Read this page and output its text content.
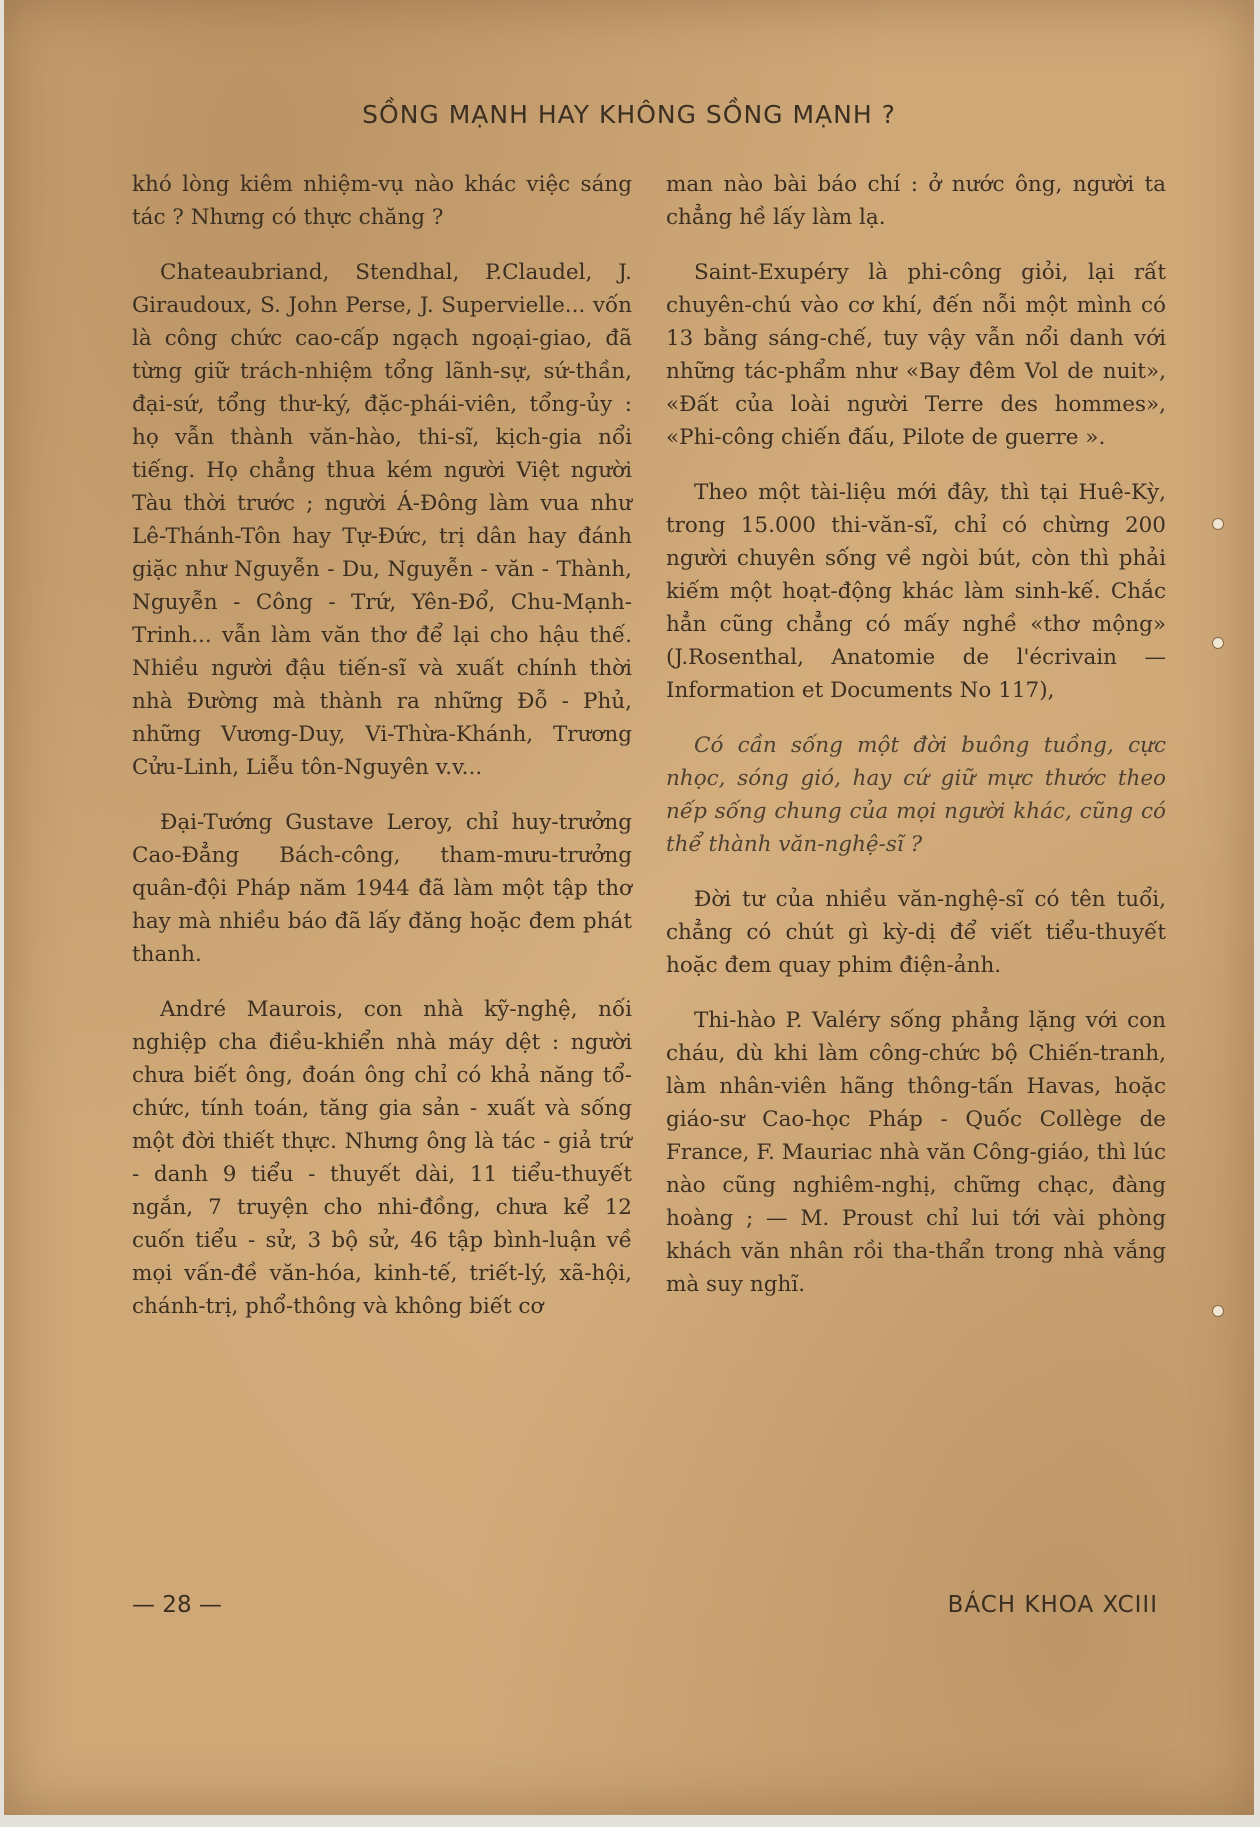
SỒNG MẠNH HAY KHÔNG SỒNG MẠNH ?

khó lòng kiêm nhiệm-vụ nào khác việc sáng tác ? Nhưng có thực chăng ?

Chateaubriand, Stendhal, P.Claudel, J. Giraudoux, S. John Perse, J. Supervielle... vốn là công chức cao-cấp ngạch ngoại-giao, đã từng giữ trách-nhiệm tổng lãnh-sự, sứ-thần, đại-sứ, tổng thư-ký, đặc-phái-viên, tổng-ủy : họ vẫn thành văn-hào, thi-sĩ, kịch-gia nổi tiếng. Họ chẳng thua kém người Việt người Tàu thời trước ; người Á-Đông làm vua như Lê-Thánh-Tôn hay Tự-Đức, trị dân hay đánh giặc như Nguyễn - Du, Nguyễn - văn - Thành, Nguyễn - Công - Trứ, Yên-Đổ, Chu-Mạnh-Trinh... vẫn làm văn thơ để lại cho hậu thế. Nhiều người đậu tiến-sĩ và xuất chính thời nhà Đường mà thành ra những Đỗ - Phủ, những Vương-Duy, Vi-Thừa-Khánh, Trương Cửu-Linh, Liễu tôn-Nguyên v.v...

Đại-Tướng Gustave Leroy, chỉ huy-trưởng Cao-Đẳng Bách-công, tham-mưu-trưởng quân-đội Pháp năm 1944 đã làm một tập thơ hay mà nhiều báo đã lấy đăng hoặc đem phát thanh.

André Maurois, con nhà kỹ-nghệ, nối nghiệp cha điều-khiển nhà máy dệt : người chưa biết ông, đoán ông chỉ có khả năng tổ-chức, tính toán, tăng gia sản - xuất và sống một đời thiết thực. Nhưng ông là tác - giả trứ - danh 9 tiểu - thuyết dài, 11 tiểu-thuyết ngắn, 7 truyện cho nhi-đồng, chưa kể 12 cuốn tiểu - sử, 3 bộ sử, 46 tập bình-luận về mọi vấn-đề văn-hóa, kinh-tế, triết-lý, xã-hội, chánh-trị, phổ-thông và không biết cơ

man nào bài báo chí : ở nước ông, người ta chẳng hề lấy làm lạ.

Saint-Exupéry là phi-công giỏi, lại rất chuyên-chú vào cơ khí, đến nỗi một mình có 13 bằng sáng-chế, tuy vậy vẫn nổi danh với những tác-phẩm như «Bay đêm Vol de nuit», «Đất của loài người Terre des hommes», «Phi-công chiến đấu, Pilote de guerre ».

Theo một tài-liệu mới đây, thì tại Huê-Kỳ, trong 15.000 thi-văn-sĩ, chỉ có chừng 200 người chuyên sống về ngòi bút, còn thì phải kiếm một hoạt-động khác làm sinh-kế. Chắc hẳn cũng chẳng có mấy nghề «thơ mộng» (J.Rosenthal, Anatomie de l'écrivain — Information et Documents No 117),

Có cần sống một đời buông tuồng, cực nhọc, sóng gió, hay cứ giữ mực thước theo nếp sống chung của mọi người khác, cũng có thể thành văn-nghệ-sĩ ?

Đời tư của nhiều văn-nghệ-sĩ có tên tuổi, chẳng có chút gì kỳ-dị để viết tiểu-thuyết hoặc đem quay phim điện-ảnh.

Thi-hào P. Valéry sống phẳng lặng với con cháu, dù khi làm công-chức bộ Chiến-tranh, làm nhân-viên hãng thông-tấn Havas, hoặc giáo-sư Cao-học Pháp - Quốc Collège de France, F. Mauriac nhà văn Công-giáo, thì lúc nào cũng nghiêm-nghị, chững chạc, đàng hoàng ; — M. Proust chỉ lui tới vài phòng khách văn nhân rồi tha-thẩn trong nhà vắng mà suy nghĩ.

— 28 —	BÁCH KHOA XCIII
